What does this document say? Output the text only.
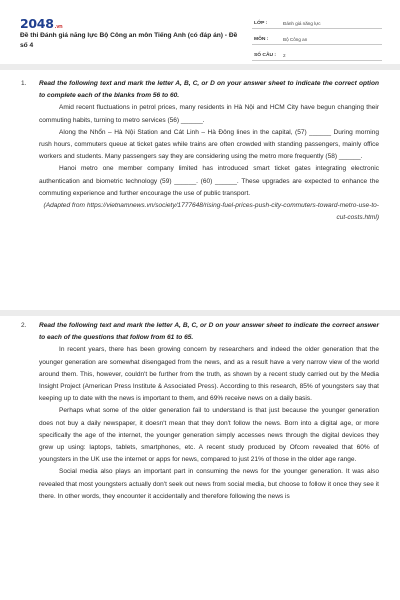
2048.vn
Đề thi Đánh giá năng lực Bộ Công an môn Tiếng Anh (có đáp án) - Đề số 4
LỚP :	Đánh giá năng lực
MÔN :	Bộ Công an
SỐ CÂU :	2
1. Read the following text and mark the letter A, B, C, or D on your answer sheet to indicate the correct option to complete each of the blanks from 56 to 60.

Amid recent fluctuations in petrol prices, many residents in Hà Nội and HCM City have begun changing their commuting habits, turning to metro services (56) ______.

Along the Nhổn – Hà Nội Station and Cát Linh – Hà Đông lines in the capital, (57) ______ During morning rush hours, commuters queue at ticket gates while trains are often crowded with standing passengers, mainly office workers and students. Many passengers say they are considering using the metro more frequently (58) ______.

Hanoi metro one member company limited has introduced smart ticket gates integrating electronic authentication and biometric technology (59) ______. (60) ______. These upgrades are expected to enhance the commuting experience and further encourage the use of public transport.

(Adapted from https://vietnamnews.vn/society/1777648/rising-fuel-prices-push-city-commuters-toward-metro-use-to-cut-costs.html)

2. Read the following text and mark the letter A, B, C, or D on your answer sheet to indicate the correct answer to each of the questions that follow from 61 to 65.

In recent years, there has been growing concern by researchers and indeed the older generation that the younger generation are somewhat disengaged from the news, and as a result have a very narrow view of the world around them. This, however, couldn't be further from the truth, as shown by a recent study carried out by the Media Insight Project (American Press Institute & Associated Press). According to this research, 85% of youngsters say that keeping up to date with the news is important to them, and 69% receive news on a daily basis.

Perhaps what some of the older generation fail to understand is that just because the younger generation does not buy a daily newspaper, it doesn't mean that they don't follow the news. Born into a digital age, or more specifically the age of the internet, the younger generation simply accesses news through the digital devices they grew up using: laptops, tablets, smartphones, etc. A recent study produced by Ofcom revealed that 60% of youngsters in the UK use the internet or apps for news, compared to just 21% of those in the older age range.

Social media also plays an important part in consuming the news for the younger generation. It was also revealed that most youngsters actually don't seek out news from social media, but choose to follow it once they see it there. In other words, they encounter it accidentally and therefore following the news is
